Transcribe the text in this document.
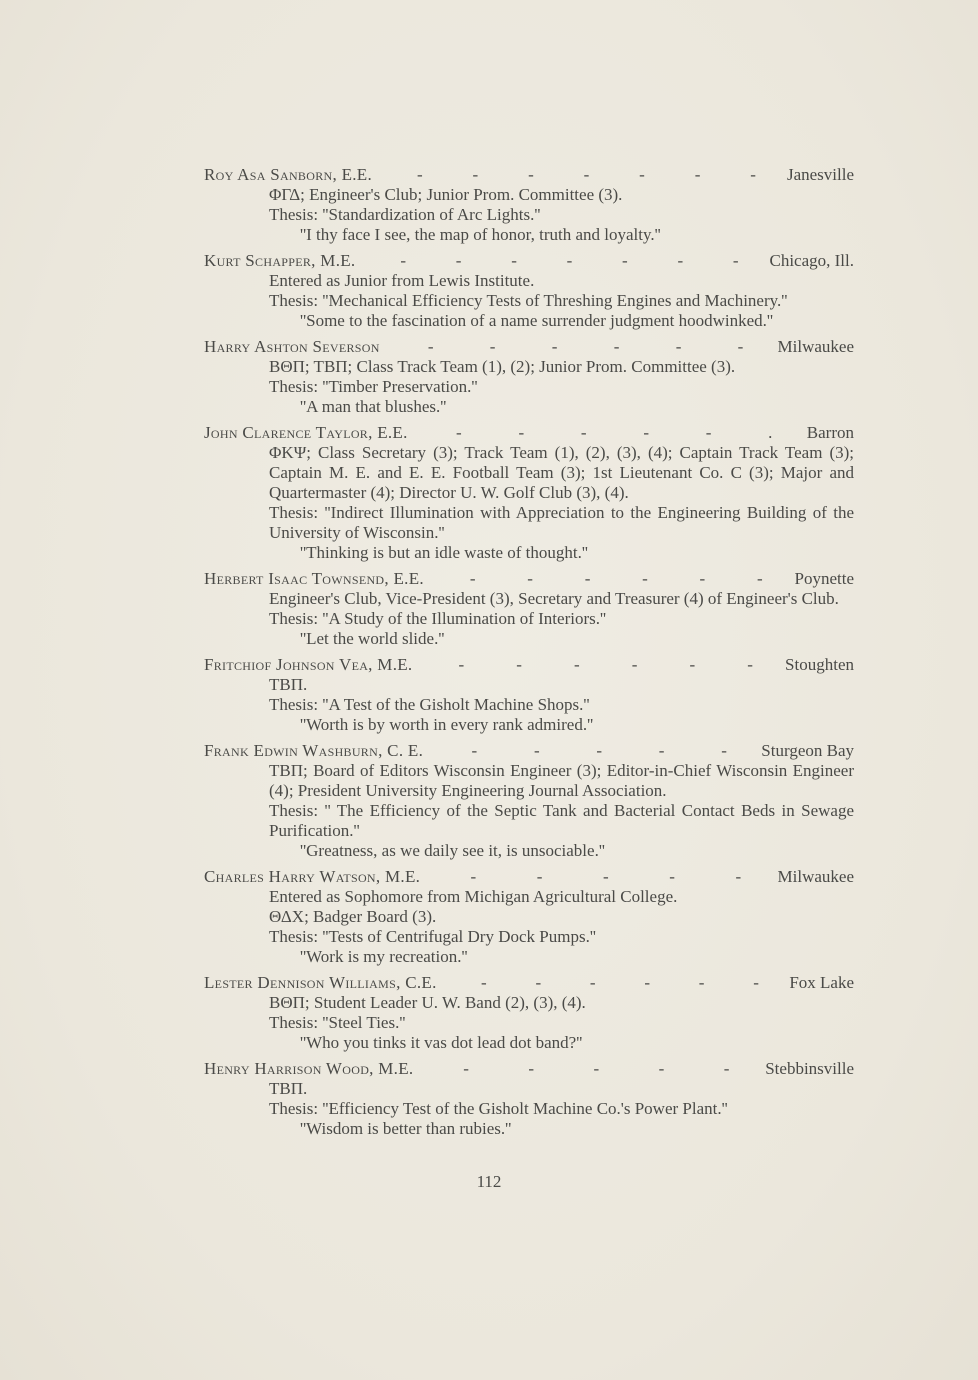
Roy Asa Sanborn, E.E.	-	-	-	-	-	-	- Janesville
ΦΓΔ; Engineer's Club; Junior Prom. Committee (3).
Thesis: ''Standardization of Arc Lights.''
''I thy face I see, the map of honor, truth and loyalty.''
Kurt Schapper, M.E.	-	-	-	-	-	-	- Chicago, Ill.
Entered as Junior from Lewis Institute.
Thesis: ''Mechanical Efficiency Tests of Threshing Engines and Machinery.''
''Some to the fascination of a name surrender judgment hoodwinked.''
Harry Ashton Severson	-	-	-	-	-	- Milwaukee
ΒΘΠ; ΤΒΠ; Class Track Team (1), (2); Junior Prom. Committee (3).
Thesis: ''Timber Preservation.''
''A man that blushes.''
John Clarence Taylor, E.E.	-	-	-	-	-	. Barron
ΦΚΨ; Class Secretary (3); Track Team (1), (2), (3), (4); Captain Track Team (3); Captain M. E. and E. E. Football Team (3); 1st Lieutenant Co. C (3); Major and Quartermaster (4); Director U. W. Golf Club (3), (4).
Thesis: ''Indirect Illumination with Appreciation to the Engineering Building of the University of Wisconsin.''
''Thinking is but an idle waste of thought.''
Herbert Isaac Townsend, E.E.	-	-	-	-	-	- Poynette
Engineer's Club, Vice-President (3), Secretary and Treasurer (4) of Engineer's Club.
Thesis: ''A Study of the Illumination of Interiors.''
''Let the world slide.''
Fritchiof Johnson Vea, M.E.	-	-	-	-	-	- Stoughten
ΤΒΠ.
Thesis: ''A Test of the Gisholt Machine Shops.''
''Worth is by worth in every rank admired.''
Frank Edwin Washburn, C. E.	-	-	-	-	- Sturgeon Bay
ΤΒΠ; Board of Editors Wisconsin Engineer (3); Editor-in-Chief Wisconsin Engineer (4); President University Engineering Journal Association.
Thesis: '' The Efficiency of the Septic Tank and Bacterial Contact Beds in Sewage Purification.''
''Greatness, as we daily see it, is unsociable.''
Charles Harry Watson, M.E.	-	-	-	-	- Milwaukee
Entered as Sophomore from Michigan Agricultural College.
ΘΔΧ; Badger Board (3).
Thesis: ''Tests of Centrifugal Dry Dock Pumps.''
''Work is my recreation.''
Lester Dennison Williams, C.E.	-	-	-	-	-	- Fox Lake
ΒΘΠ; Student Leader U. W. Band (2), (3), (4).
Thesis: ''Steel Ties.''
''Who you tinks it vas dot lead dot band?''
Henry Harrison Wood, M.E.	-	-	-	-	- Stebbinsville
ΤΒΠ.
Thesis: ''Efficiency Test of the Gisholt Machine Co.'s Power Plant.''
''Wisdom is better than rubies.''
112
